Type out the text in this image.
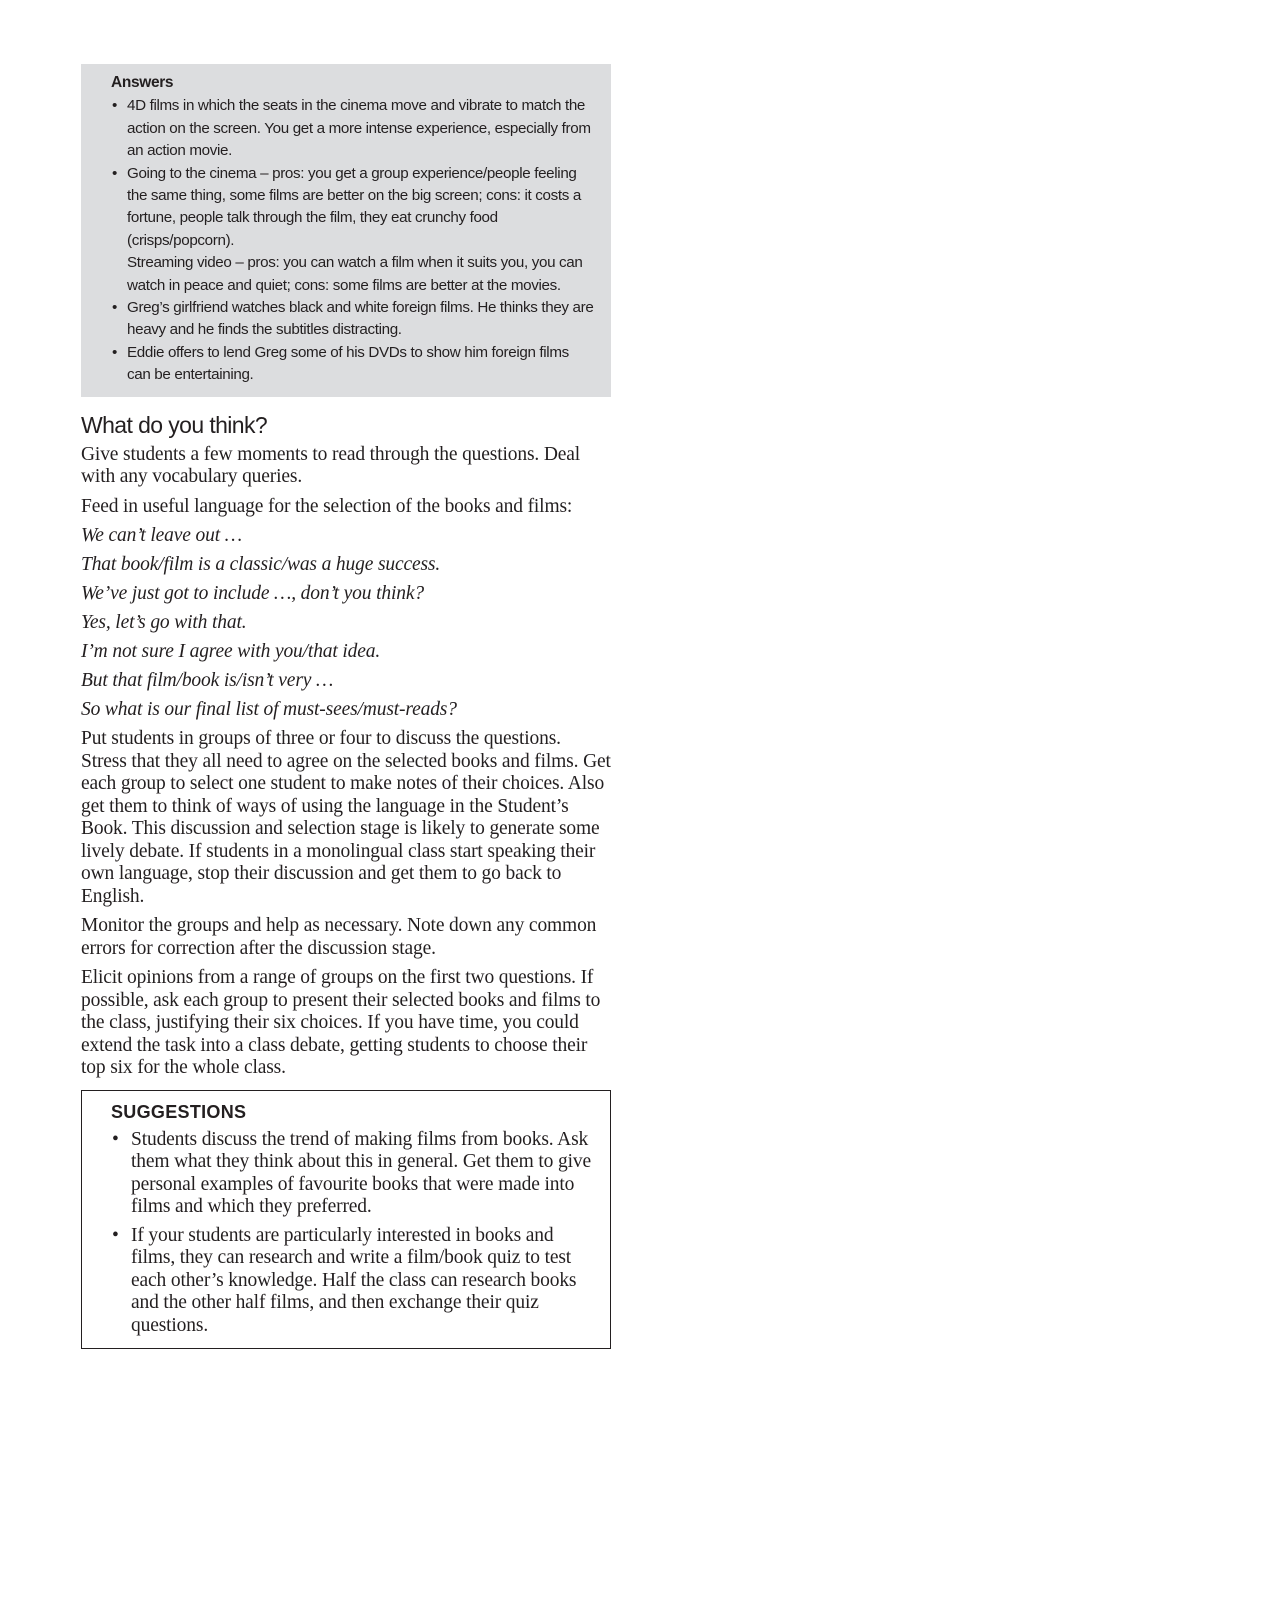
Answers
• 4D films in which the seats in the cinema move and vibrate to match the action on the screen. You get a more intense experience, especially from an action movie.
• Going to the cinema – pros: you get a group experience/people feeling the same thing, some films are better on the big screen; cons: it costs a fortune, people talk through the film, they eat crunchy food (crisps/popcorn).
Streaming video – pros: you can watch a film when it suits you, you can watch in peace and quiet; cons: some films are better at the movies.
• Greg’s girlfriend watches black and white foreign films. He thinks they are heavy and he finds the subtitles distracting.
• Eddie offers to lend Greg some of his DVDs to show him foreign films can be entertaining.
What do you think?

Give students a few moments to read through the questions. Deal with any vocabulary queries.

Feed in useful language for the selection of the books and films:

We can’t leave out …

That book/film is a classic/was a huge success.

We’ve just got to include …, don’t you think?

Yes, let’s go with that.

I’m not sure I agree with you/that idea.

But that film/book is/isn’t very …

So what is our final list of must-sees/must-reads?

Put students in groups of three or four to discuss the questions. Stress that they all need to agree on the selected books and films. Get each group to select one student to make notes of their choices. Also get them to think of ways of using the language in the Student’s Book. This discussion and selection stage is likely to generate some lively debate. If students in a monolingual class start speaking their own language, stop their discussion and get them to go back to English.

Monitor the groups and help as necessary. Note down any common errors for correction after the discussion stage.

Elicit opinions from a range of groups on the first two questions. If possible, ask each group to present their selected books and films to the class, justifying their six choices. If you have time, you could extend the task into a class debate, getting students to choose their top six for the whole class.

SUGGESTIONS
• Students discuss the trend of making films from books. Ask them what they think about this in general. Get them to give personal examples of favourite books that were made into films and which they preferred.
• If your students are particularly interested in books and films, they can research and write a film/book quiz to test each other’s knowledge. Half the class can research books and the other half films, and then exchange their quiz questions.
